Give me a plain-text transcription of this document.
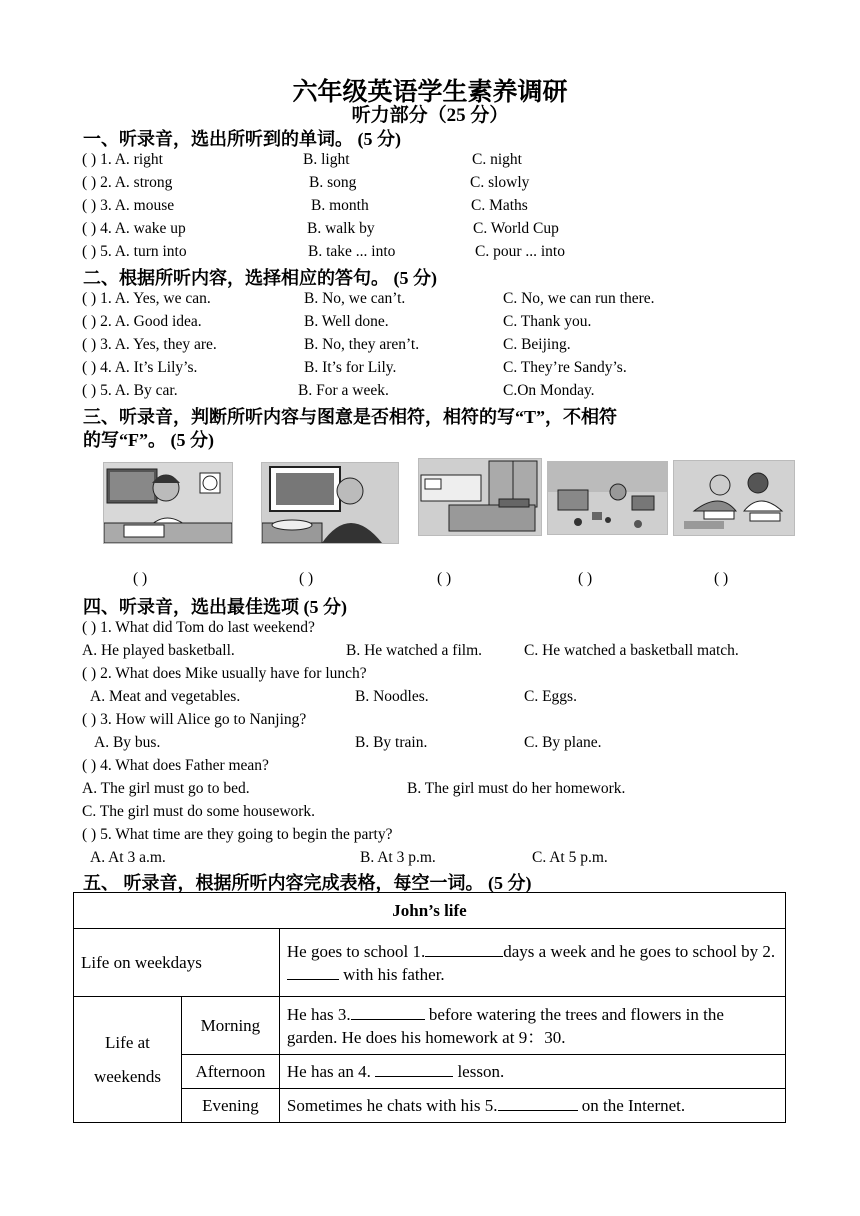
六年级英语学生素养调研
听力部分（25 分）
一、听录音，选出所听到的单词。 (5 分)
( ) 1. A. right	B. light	C. night
( ) 2. A. strong	B. song	C. slowly
( ) 3. A. mouse	B. month	C. Maths
( ) 4. A. wake up	B. walk by	C. World Cup
( ) 5. A. turn into	B. take ... into	C. pour ... into
二、根据所听内容，选择相应的答句。 (5 分)
( ) 1. A. Yes, we can.	B. No, we can’t.	C. No, we can run there.
( ) 2. A. Good idea.	B. Well done.	C. Thank you.
( ) 3. A. Yes, they are.	B. No, they aren’t.	C. Beijing.
( ) 4. A. It’s Lily’s.	B. It’s for Lily.	C. They’re Sandy’s.
( ) 5. A. By car.	B. For a week.	C.On Monday.
三、听录音，判断所听内容与图意是否相符，相符的写“T”，不相符
的写“F”。 (5 分)
( )	( )	( )	( )	( )
四、听录音，选出最佳选项 (5 分)
( ) 1. What did Tom do last weekend?
A. He played basketball.	B. He watched a film.	C. He watched a basketball match.
( ) 2. What does Mike usually have for lunch?
A. Meat and vegetables.	B. Noodles.	C. Eggs.
( ) 3. How will Alice go to Nanjing?
A. By bus.	B. By train.	C. By plane.
( ) 4. What does Father mean?
A. The girl must go to bed.	B. The girl must do her homework.
C. The girl must do some housework.
( ) 5. What time are they going to begin the party?
A. At 3 a.m.	B. At 3 p.m.	C. At 5 p.m.
五、 听录音，根据所听内容完成表格，每空一词。 (5 分)
John’s life		
Life on weekdays		He goes to school 1. days a week and he goes to school by 2. with his father.
Life at
weekends	Morning	He has 3. before watering the trees and flowers in the garden. He does his homework at 9：30.
	Afternoon	He has an 4. lesson.
	Evening	Sometimes he chats with his 5. on the Internet.
